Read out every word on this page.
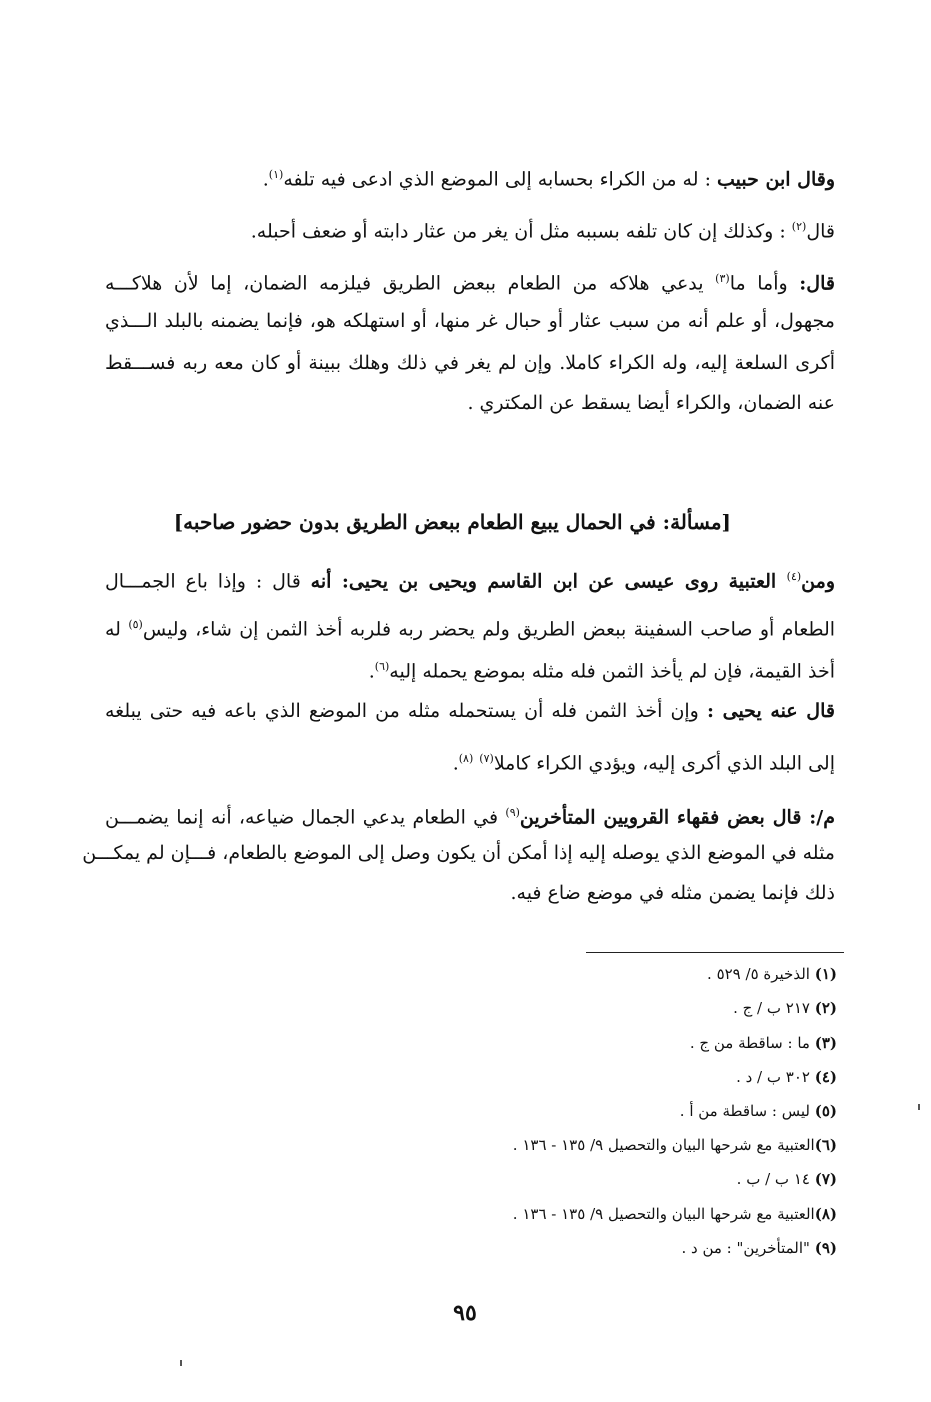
وقال ابن حبيب : له من الكراء بحسابه إلى الموضع الذي ادعى فيه تلفه$^{(١)}$.
قال$^{(٢)}$ : وكذلك إن كان تلفه بسببه مثل أن يغر من عثار دابته أو ضعف أحبله.
قال: وأما ما$^{(٣)}$ يدعي هلاكه من الطعام ببعض الطريق فيلزمه الضمان، إما لأن هلاكـــه
مجهول، أو علم أنه من سبب عثار أو حبال غر منها، أو استهلكه هو، فإنما يضمنه بالبلد الـــذي
أكرى السلعة إليه، وله الكراء كاملا. وإن لم يغر في ذلك وهلك ببينة أو كان معه ربه فســـقط
عنه الضمان، والكراء أيضا يسقط عن المكتري .
[مسألة: في الحمال يبيع الطعام ببعض الطريق بدون حضور صاحبه]
ومن$^{(٤)}$ العتبية روى عيسى عن ابن القاسم ويحيى بن يحيى: أنه قال : وإذا باع الجمـــال
الطعام أو صاحب السفينة ببعض الطريق ولم يحضر ربه فلربه أخذ الثمن إن شاء، وليس$^{(٥)}$ له
أخذ القيمة، فإن لم يأخذ الثمن فله مثله بموضع يحمله إليه$^{(٦)}$.
قال عنه يحيى : وإن أخذ الثمن فله أن يستحمله مثله من الموضع الذي باعه فيه حتى يبلغه
إلى البلد الذي أكرى إليه، ويؤدي الكراء كاملا$^{(٧)}$ $^{(٨)}$.
م/: قال بعض فقهاء القرويين المتأخرين$^{(٩)}$ في الطعام يدعي الجمال ضياعه، أنه إنما يضمـــن
مثله في الموضع الذي يوصله إليه إذا أمكن أن يكون وصل إلى الموضع بالطعام، فـــإن لم يمكـــن
ذلك فإنما يضمن مثله في موضع ضاع فيه.
(١) الذخيرة ٥/ ٥٢٩ .
(٢) ٢١٧ ب / ج .
(٣) ما : ساقطة من ج .
(٤) ٣٠٢ ب / د .
(٥) ليس : ساقطة من أ .
(٦)العتبية مع شرحها البيان والتحصيل ٩/ ١٣٥ - ١٣٦ .
(٧) ١٤ ب / ب .
(٨)العتبية مع شرحها البيان والتحصيل ٩/ ١٣٥ - ١٣٦ .
(٩) "المتأخرين" : من د .
٩٥
